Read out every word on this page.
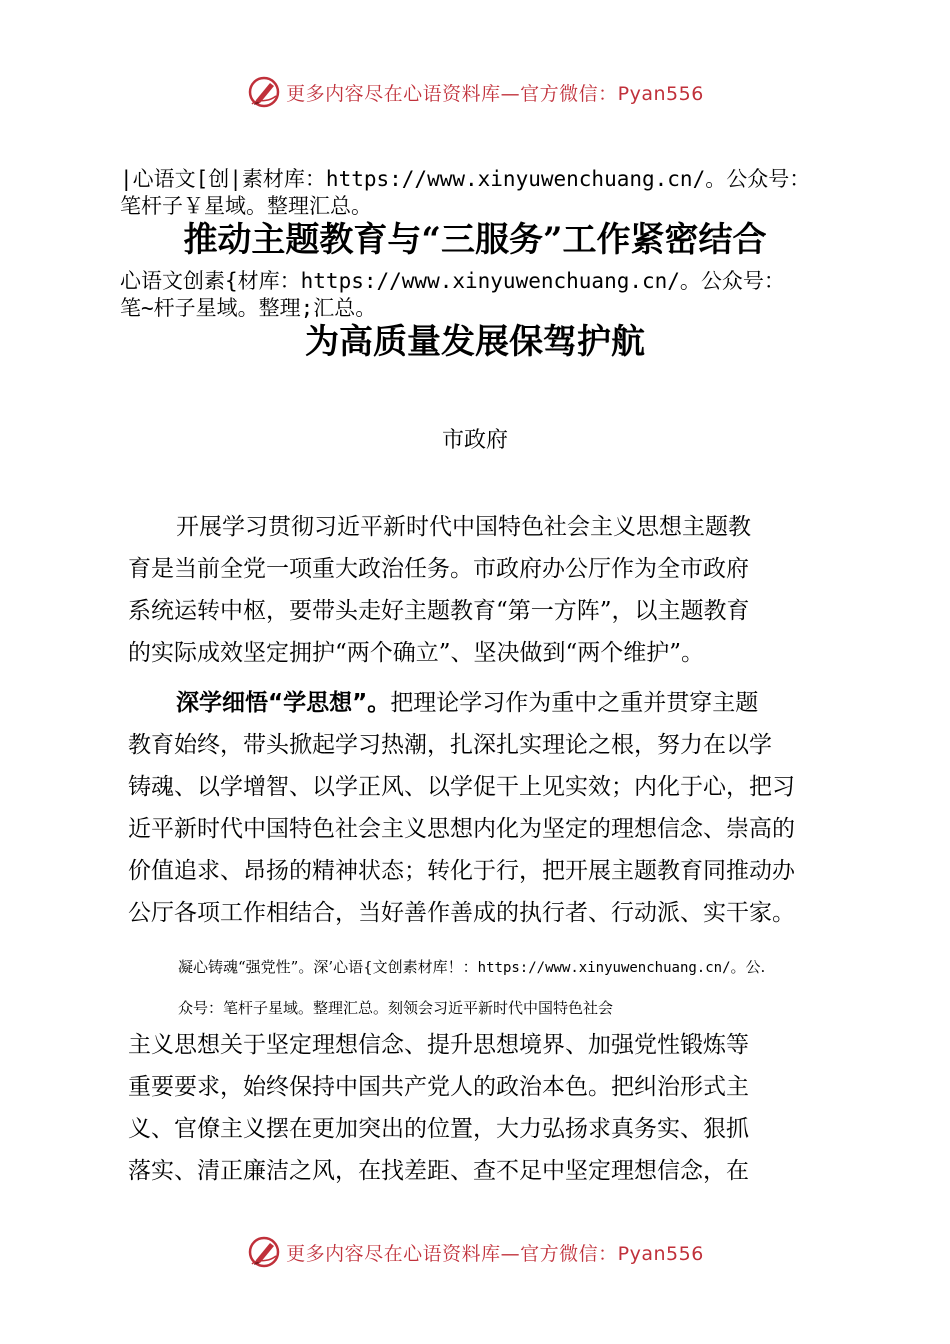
更多内容尽在心语资料库—官方微信：Pyan556
|心语文[创|素材库：https://www.xinyuwenchuang.cn/。公众号：
笔杆子￥星域。整理汇总。
推动主题教育与“三服务”工作紧密结合
心语文创素{材库：https://www.xinyuwenchuang.cn/。公众号：
笔~杆子星域。整理;汇总。
为高质量发展保驾护航
市政府
开展学习贯彻习近平新时代中国特色社会主义思想主题教
育是当前全党一项重大政治任务。市政府办公厅作为全市政府
系统运转中枢，要带头走好主题教育“第一方阵”，以主题教育
的实际成效坚定拥护“两个确立”、坚决做到“两个维护”。
深学细悟“学思想”。把理论学习作为重中之重并贯穿主题
教育始终，带头掀起学习热潮，扎深扎实理论之根，努力在以学
铸魂、以学增智、以学正风、以学促干上见实效；内化于心，把习
近平新时代中国特色社会主义思想内化为坚定的理想信念、崇高的
价值追求、昂扬的精神状态；转化于行，把开展主题教育同推动办
公厅各项工作相结合，当好善作善成的执行者、行动派、实干家。
凝心铸魂“强党性”。深’心语{文创素材库！：https://www.xinyuwenchuang.cn/。公.
众号：笔杆子星域。整理汇总。刻领会习近平新时代中国特色社会
主义思想关于坚定理想信念、提升思想境界、加强党性锻炼等
重要要求，始终保持中国共产党人的政治本色。把纠治形式主
义、官僚主义摆在更加突出的位置，大力弘扬求真务实、狠抓
落实、清正廉洁之风，在找差距、查不足中坚定理想信念，在
更多内容尽在心语资料库—官方微信：Pyan556
